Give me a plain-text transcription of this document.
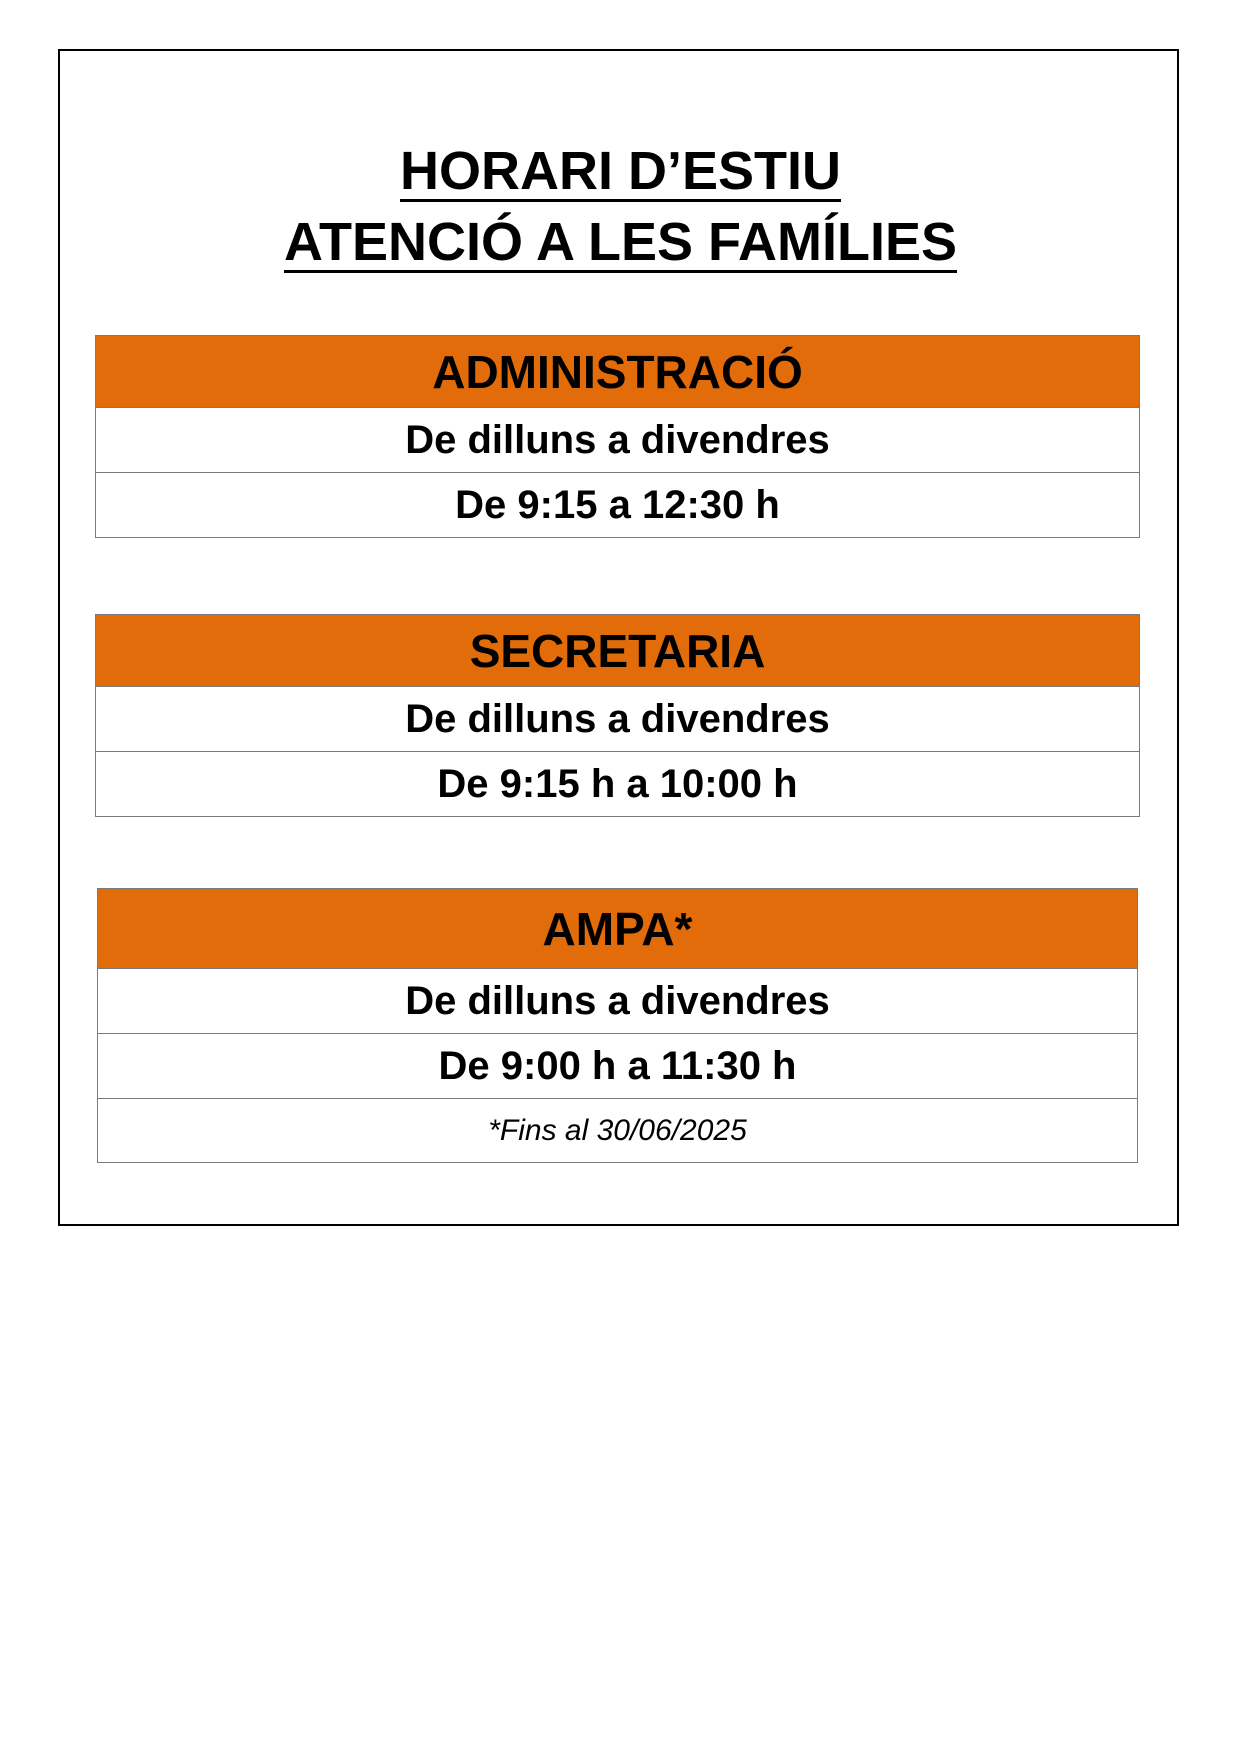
HORARI D’ESTIU
ATENCIÓ A LES FAMÍLIES
ADMINISTRACIÓ
De dilluns a divendres
De 9:15 a 12:30 h
SECRETARIA
De dilluns a divendres
De 9:15 h a 10:00 h
AMPA*
De dilluns a divendres
De 9:00 h a 11:30 h
*Fins al 30/06/2025
